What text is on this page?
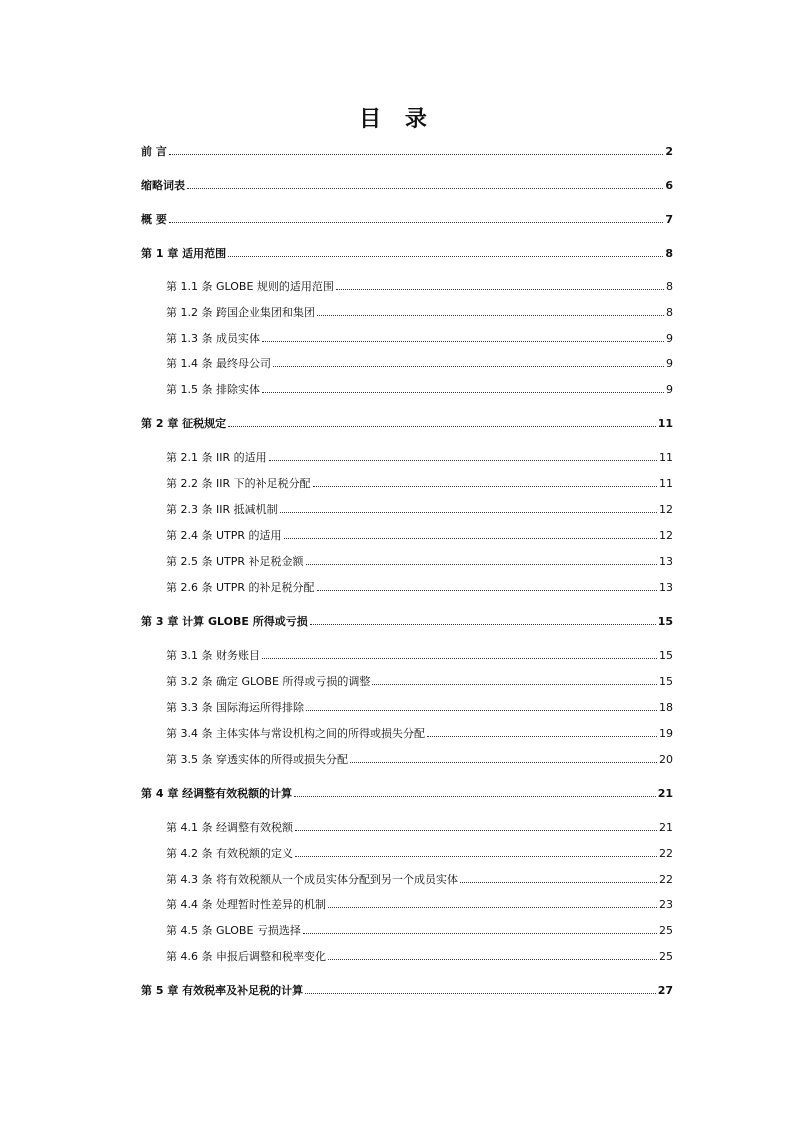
目 录
前 言	2
缩略词表	6
概 要	7
第 1 章 适用范围	8
第 1.1 条 GLOBE 规则的适用范围	8
第 1.2 条 跨国企业集团和集团	8
第 1.3 条 成员实体	9
第 1.4 条 最终母公司	9
第 1.5 条 排除实体	9
第 2 章 征税规定	11
第 2.1 条 IIR 的适用	11
第 2.2 条 IIR 下的补足税分配	11
第 2.3 条 IIR 抵减机制	12
第 2.4 条 UTPR 的适用	12
第 2.5 条 UTPR 补足税金额	13
第 2.6 条 UTPR 的补足税分配	13
第 3 章 计算 GLOBE 所得或亏损	15
第 3.1 条 财务账目	15
第 3.2 条 确定 GLOBE 所得或亏损的调整	15
第 3.3 条 国际海运所得排除	18
第 3.4 条 主体实体与常设机构之间的所得或损失分配	19
第 3.5 条 穿透实体的所得或损失分配	20
第 4 章 经调整有效税额的计算	21
第 4.1 条 经调整有效税额	21
第 4.2 条 有效税额的定义	22
第 4.3 条 将有效税额从一个成员实体分配到另一个成员实体	22
第 4.4 条 处理暂时性差异的机制	23
第 4.5 条 GLOBE 亏损选择	25
第 4.6 条 申报后调整和税率变化	25
第 5 章 有效税率及补足税的计算	27
